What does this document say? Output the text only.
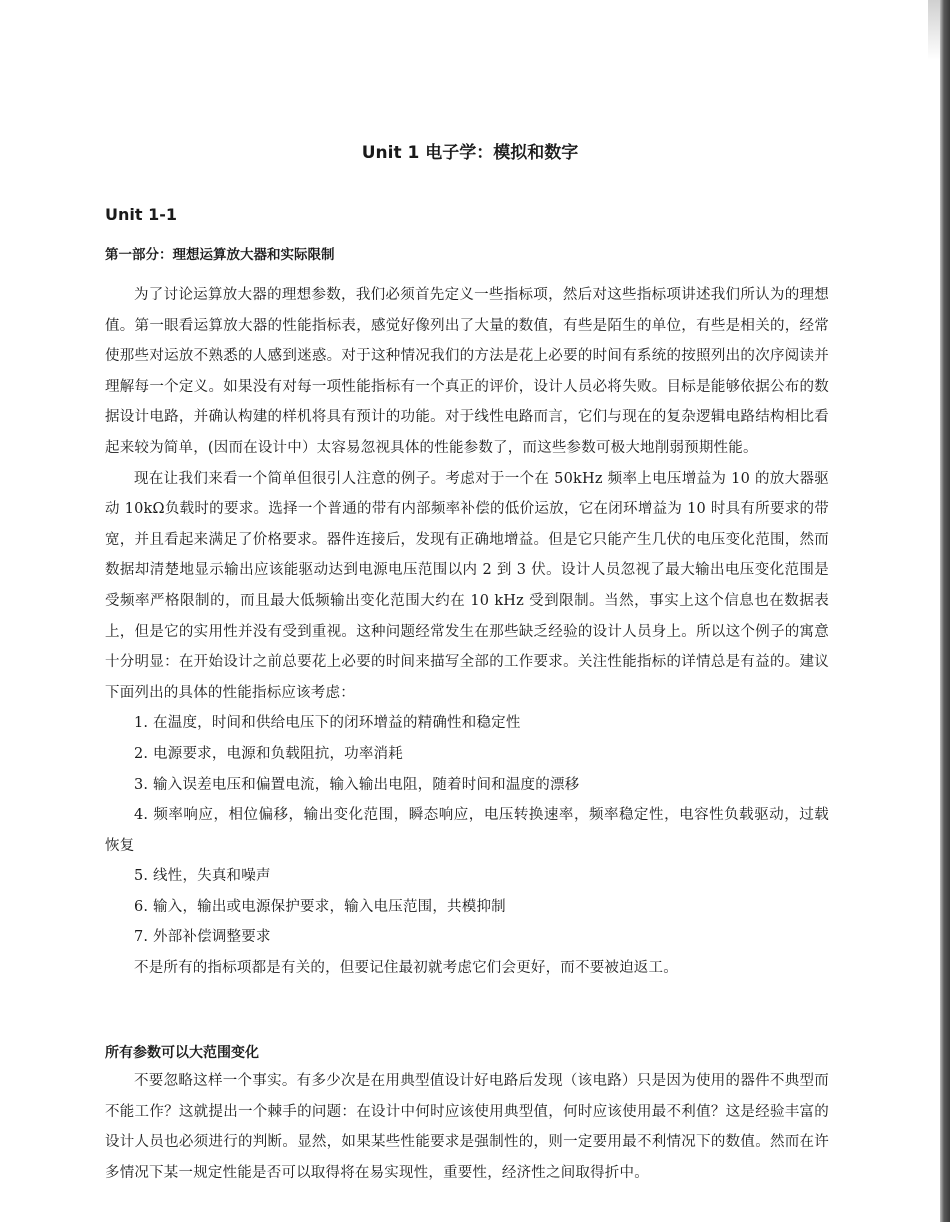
Unit 1 电子学：模拟和数字
Unit 1-1
第一部分：理想运算放大器和实际限制

为了讨论运算放大器的理想参数，我们必须首先定义一些指标项，然后对这些指标项讲述我们所认为的理想值。第一眼看运算放大器的性能指标表，感觉好像列出了大量的数值，有些是陌生的单位，有些是相关的，经常使那些对运放不熟悉的人感到迷惑。对于这种情况我们的方法是花上必要的时间有系统的按照列出的次序阅读并理解每一个定义。如果没有对每一项性能指标有一个真正的评价，设计人员必将失败。目标是能够依据公布的数据设计电路，并确认构建的样机将具有预计的功能。对于线性电路而言，它们与现在的复杂逻辑电路结构相比看起来较为简单，(因而在设计中）太容易忽视具体的性能参数了，而这些参数可极大地削弱预期性能。

现在让我们来看一个简单但很引人注意的例子。考虑对于一个在 50kHz 频率上电压增益为 10 的放大器驱动 10kΩ负载时的要求。选择一个普通的带有内部频率补偿的低价运放，它在闭环增益为 10 时具有所要求的带宽，并且看起来满足了价格要求。器件连接后，发现有正确地增益。但是它只能产生几伏的电压变化范围，然而数据却清楚地显示输出应该能驱动达到电源电压范围以内 2 到 3 伏。设计人员忽视了最大输出电压变化范围是受频率严格限制的，而且最大低频输出变化范围大约在 10 kHz 受到限制。当然，事实上这个信息也在数据表上，但是它的实用性并没有受到重视。这种问题经常发生在那些缺乏经验的设计人员身上。所以这个例子的寓意十分明显：在开始设计之前总要花上必要的时间来描写全部的工作要求。关注性能指标的详情总是有益的。建议下面列出的具体的性能指标应该考虑：

1. 在温度，时间和供给电压下的闭环增益的精确性和稳定性
2. 电源要求，电源和负载阻抗，功率消耗
3. 输入误差电压和偏置电流，输入输出电阻，随着时间和温度的漂移
4. 频率响应，相位偏移，输出变化范围，瞬态响应，电压转换速率，频率稳定性，电容性负载驱动，过载恢复
5. 线性，失真和噪声
6. 输入，输出或电源保护要求，输入电压范围，共模抑制
7. 外部补偿调整要求

不是所有的指标项都是有关的，但要记住最初就考虑它们会更好，而不要被迫返工。

所有参数可以大范围变化

不要忽略这样一个事实。有多少次是在用典型值设计好电路后发现（该电路）只是因为使用的器件不典型而不能工作？这就提出一个棘手的问题：在设计中何时应该使用典型值，何时应该使用最不利值？这是经验丰富的设计人员也必须进行的判断。显然，如果某些性能要求是强制性的，则一定要用最不利情况下的数值。然而在许多情况下某一规定性能是否可以取得将在易实现性，重要性，经济性之间取得折中。
